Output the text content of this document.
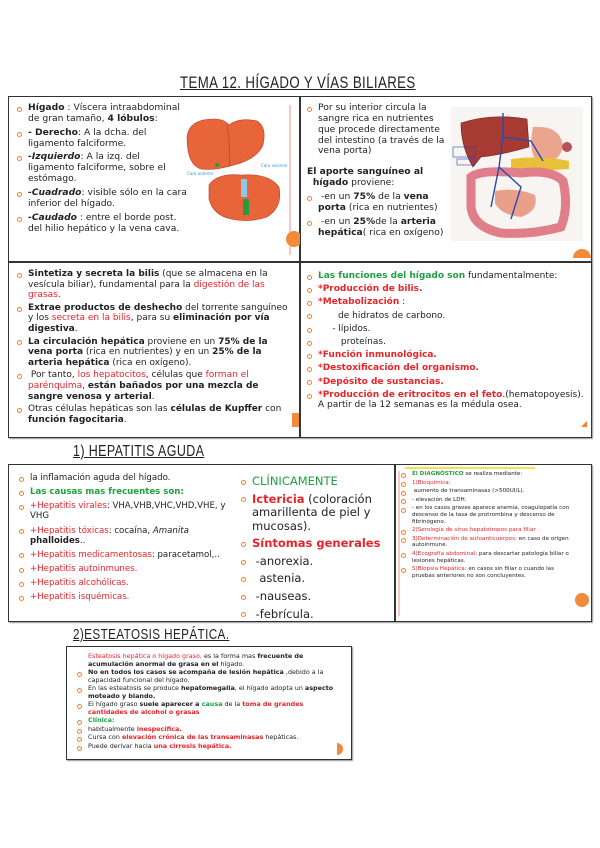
TEMA 12. HÍGADO Y VÍAS BILIARES
Hígado : Víscera intraabdominal de gran tamaño, 4 lóbulos:
- Derecho: A la dcha. del ligamento falciforme.
-Izquierdo: A la izq. del ligamento falciforme, sobre el estómago.
-Cuadrado: visible sólo en la cara inferior del hígado.
-Caudado : entre el borde post. del hilio hepático y la vena cava.
Cara visceral
Cara anterior
Por su interior circula la sangre rica en nutrientes que procede directamente del intestino (a través de la vena porta)
El aporte sanguíneo al
hígado proviene:
-en un 75% de la vena porta (rica en nutrientes)
-en un 25%de la arteria hepática( rica en oxígeno)
Sintetiza y secreta la bilis (que se almacena en la vesícula biliar), fundamental para la digestión de las grasas.
Extrae productos de deshecho del torrente sanguíneo y los secreta en la bilis, para su eliminación por vía digestiva.
La circulación hepática proviene en un 75% de la vena porta (rica en nutrientes) y en un 25% de la arteria hepática (rica en oxígeno).
Por tanto, los hepatocitos, células que forman el parénquima, están bañados por una mezcla de sangre venosa y arterial.
Otras células hepáticas son las células de Kupffer con función fagocitaria.
Las funciones del hígado son fundamentalmente:
*Producción de bilis.
*Metabolización :
de hidratos de carbono.
- lípidos.
proteínas.
*Función inmunológica.
*Destoxificación del organismo.
*Depósito de sustancias.
*Producción de eritrocitos en el feto.(hematopoyesis). A partir de la 12 semanas es la médula osea.
1) HEPATITIS AGUDA
la inflamación aguda del hígado.
Las causas mas frecuentes son:
+Hepatitis virales: VHA,VHB,VHC,VHD,VHE, y VHG
+Hepatitis tóxicas: cocaína, Amanita phalloides..
+Hepatitis medicamentosas: paracetamol,..
+Hepatitis autoinmunes.
+Hepatitis alcohólicas.
+Hepatitis isquémicas.
CLÍNICAMENTE
Ictericia (coloración amarillenta de piel y mucosas).
Síntomas generales
-anorexia.
astenia.
-nauseas.
-febrícula.
El DIAGNÓSTICO se realiza mediante:
1)Bioquímica:
aumento de transaminasas (>500UI/L).
- elevación de LDH.
- en los casos graves aparece anemia, coagulopatía con descenso de la tasa de protrombina y descenso de fibrinógeno.
2)Serología de virus hepatotropos para filiar .
3)Determinación de autoanticuerpos: en caso de origen autoinmune.
4)Ecografía abdominal: para descartar patología biliar o lesiones hepáticas.
5)Biopsia Hepática: en casos sin filiar o cuando las pruebas anteriores no son concluyentes.
2)ESTEATOSIS HEPÁTICA.
Esteatosis hepática o hígado graso, es la forma mas frecuente de acumulación anormal de grasa en el hígado.
No en todos los casos se acompaña de lesión hepática ,debido a la capacidad funcional del hígado.
En las esteatosis se produce hepatomegalia, el hígado adopta un aspecto moteado y blando.
El hígado graso suele aparecer a causa de la toma de grandes cantidades de alcohol o grasas
Clínica:
habitualmente inespecífica.
Cursa con elevación crónica de las transaminasas hepáticas.
Puede derivar hacia una cirrosis hepática.
